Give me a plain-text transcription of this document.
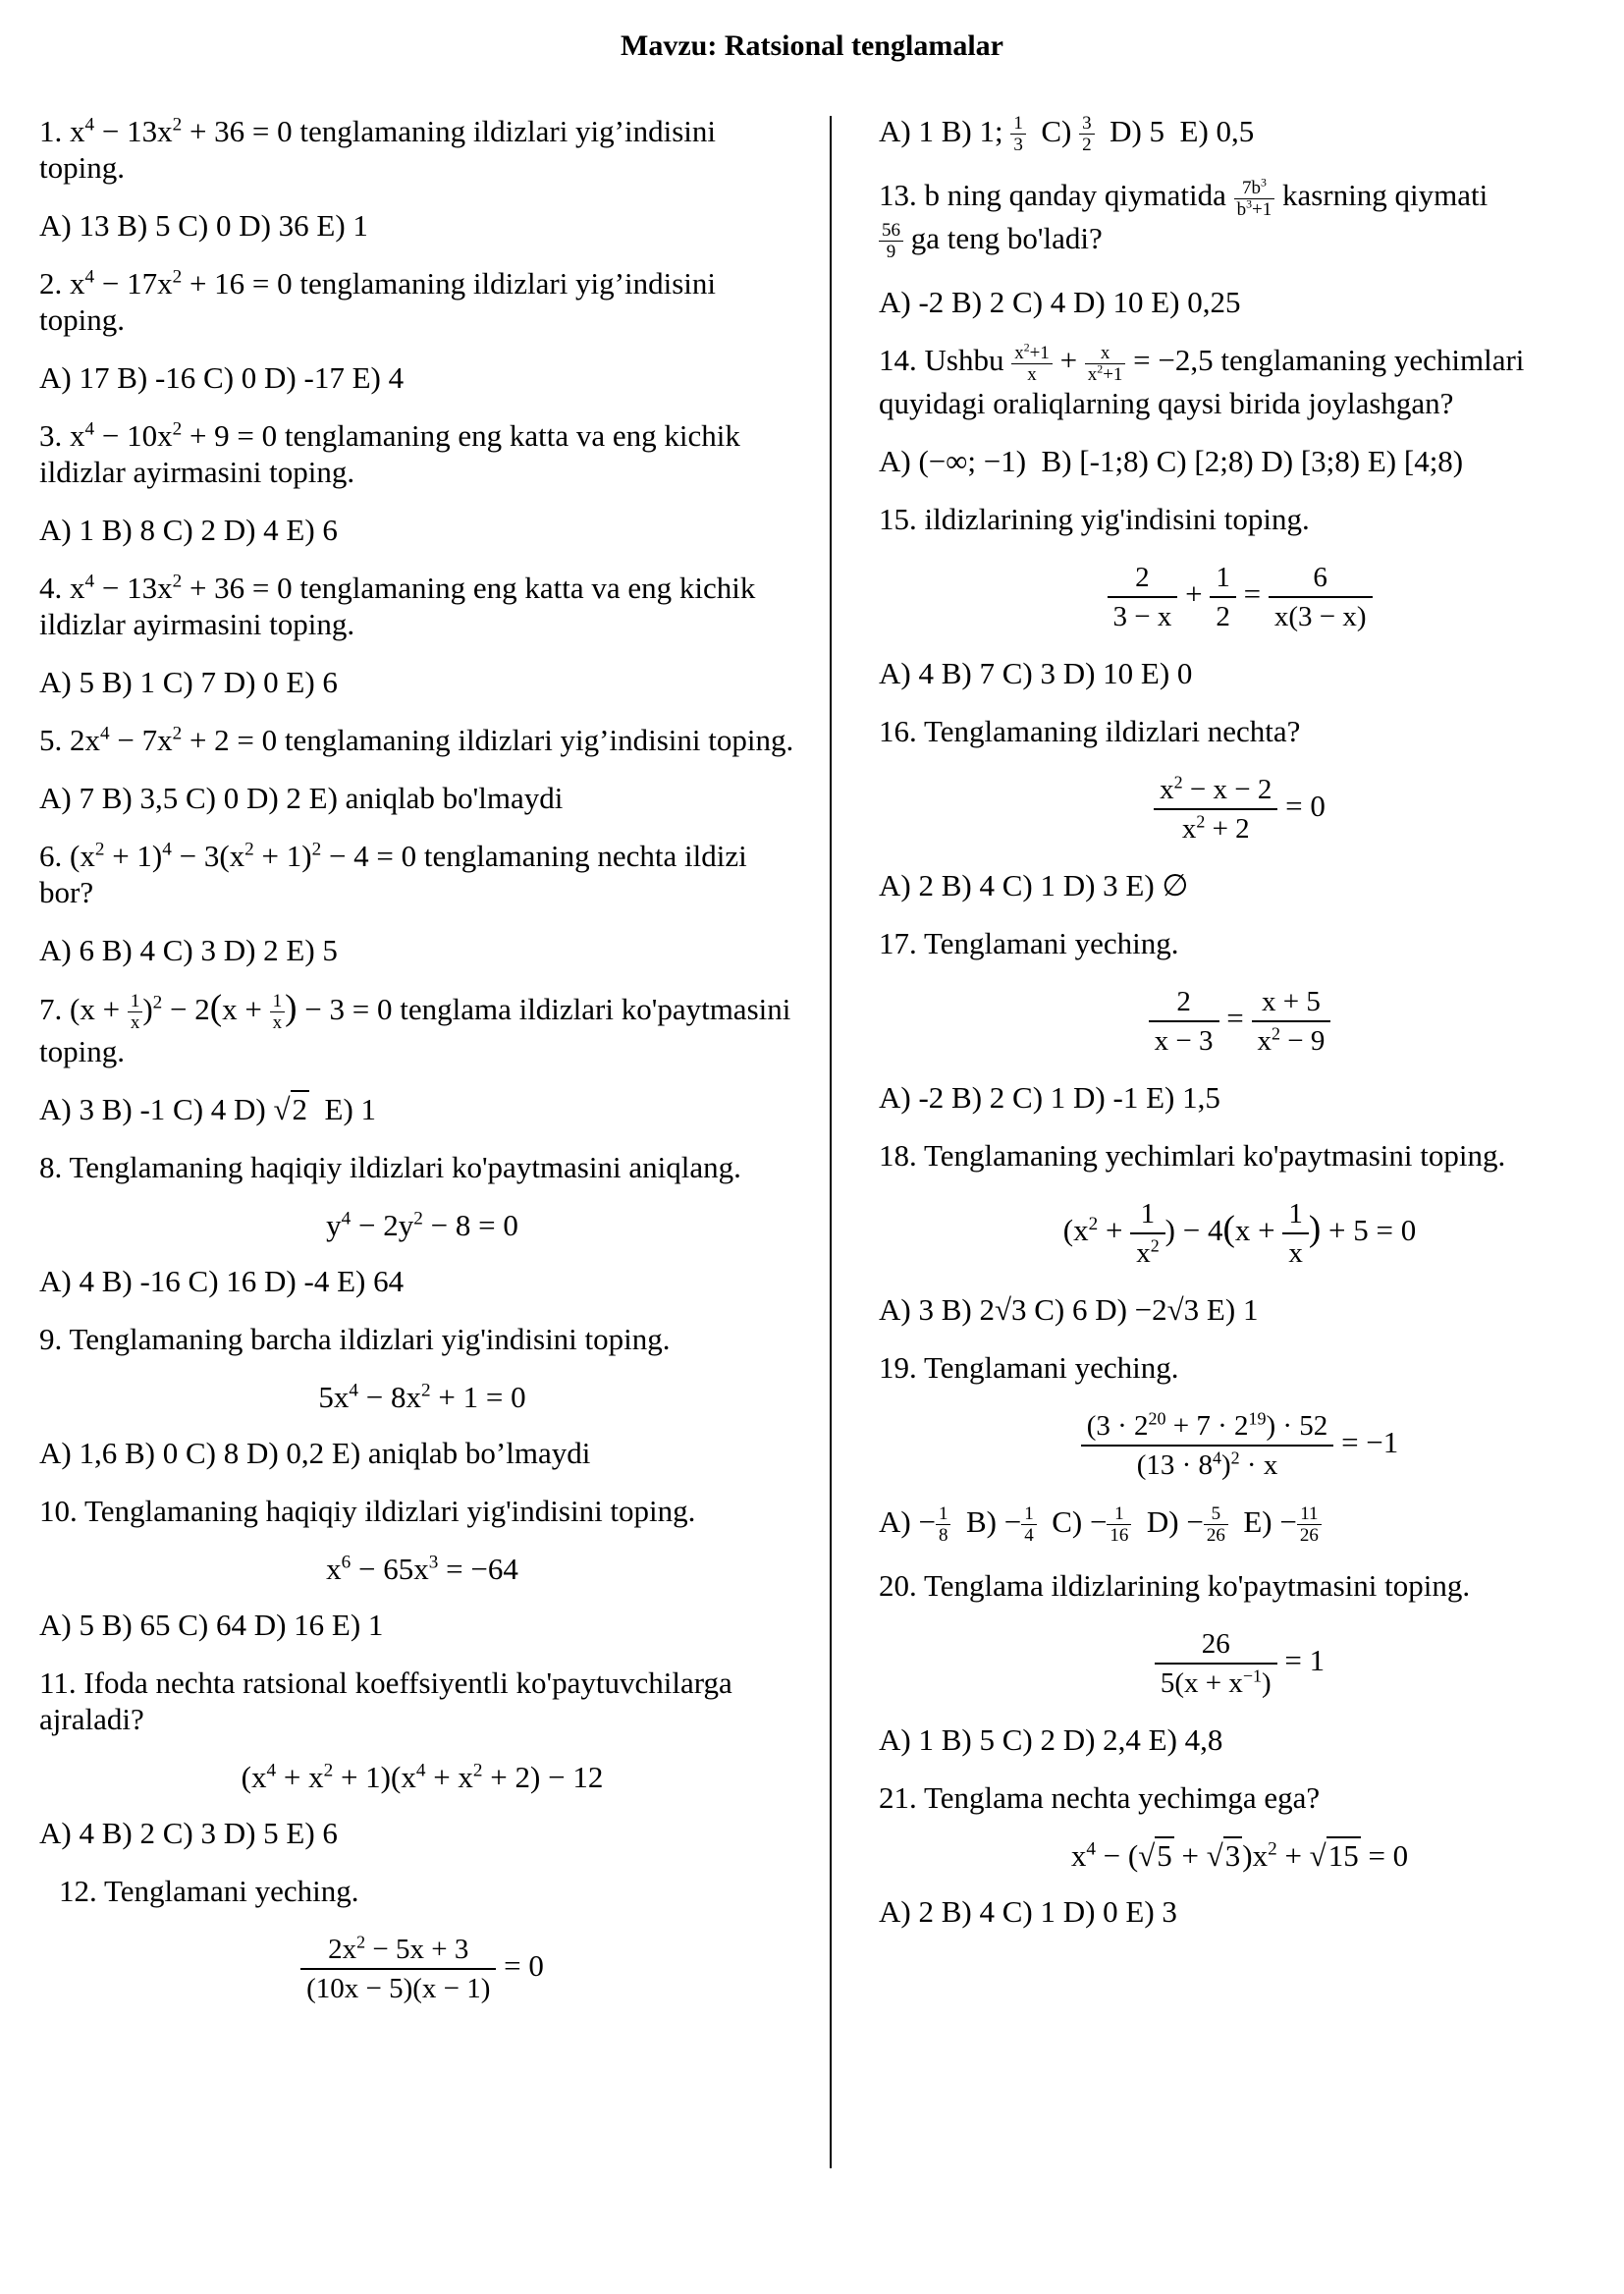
Mavzu: Ratsional tenglamalar
1. $x^4 - 13x^2 + 36 = 0$ tenglamaning ildizlari yig’indisini toping.
A) 13 B) 5 C) 0 D) 36 E) 1
2. $x^4 - 17x^2 + 16 = 0$ tenglamaning ildizlari yig’indisini toping.
A) 17 B) -16 C) 0 D) -17 E) 4
3. $x^4 - 10x^2 + 9 = 0$ tenglamaning eng katta va eng kichik ildizlar ayirmasini toping.
A) 1 B) 8 C) 2 D) 4 E) 6
4. $x^4 - 13x^2 + 36 = 0$ tenglamaning eng katta va eng kichik ildizlar ayirmasini toping.
A) 5 B) 1 C) 7 D) 0 E) 6
5. $2x^4 - 7x^2 + 2 = 0$ tenglamaning ildizlari yig’indisini toping.
A) 7 B) 3,5 C) 0 D) 2 E) aniqlab bo'lmaydi
6. $(x^2 + 1)^4 - 3(x^2 + 1)^2 - 4 = 0$ tenglamaning nechta ildizi bor?
A) 6 B) 4 C) 3 D) 2 E) 5
7. $(x + \frac{1}{x} )^2 - 2(x + \frac{1}{x}$ ) − 3 = 0 tenglama ildizlari ko'paytmasini toping.
A) 3 B) -1 C) 4 D) √2 E) 1
8. Tenglamaning haqiqiy ildizlari ko'paytmasini aniqlang.
$y^4 - 2y^2 - 8 = 0$
A) 4 B) -16 C) 16 D) -4 E) 64
9. Tenglamaning barcha ildizlari yig'indisini toping.
$5x^4 - 8x^2 + 1 = 0$
A) 1,6 B) 0 C) 8 D) 0,2 E) aniqlab bo’lmaydi
10. Tenglamaning haqiqiy ildizlari yig'indisini toping.
$x^6 - 65x^3 = -64$
A) 5 B) 65 C) 64 D) 16 E) 1
11. Ifoda nechta ratsional koeffsiyentli ko'paytuvchilarga ajraladi?
$(x^4 + x^2 + 1)(x^4 + x^2 + 2) - 12$
A) 4 B) 2 C) 3 D) 5 E) 6
12. Tenglamani yeching.
$\frac{2x^2 - 5x + 3}{(10x - 5)(x - 1)} = 0$
A) 1 B) 1; $\frac{1}{3} C) \frac{3}{2} D$) 5  E) 0,5
13. b ning qanday qiymatida $\frac{7b^3}{b^3+1}$ kasrning qiymati

$\frac{56}{9}$ ga teng bo'ladi?
A) -2 B) 2 C) 4 D) 10 E) 0,25
14. Ushbu $\frac{x^2+1}{x} + \frac{x}{x^2+1} = -2,5$ tenglamaning yechimlari quyidagi oraliqlarning qaysi birida joylashgan?
A) (−∞; −1)  B) [-1;8) C) [2;8) D) [3;8) E) [4;8)
15. ildizlarining yig'indisini toping.
$\frac{2}{3 - x} + \frac{1}{2} = \frac{6}{x(3 - x)}$
A) 4 B) 7 C) 3 D) 10 E) 0
16. Tenglamaning ildizlari nechta?
$\frac{x^2 - x - 2}{x^2 + 2} = 0$
A) 2 B) 4 C) 1 D) 3 E) ∅
17. Tenglamani yeching.
$\frac{2}{x - 3} = \frac{x + 5}{x^2 - 9}$
A) -2 B) 2 C) 1 D) -1 E) 1,5
18. Tenglamaning yechimlari ko'paytmasini toping.
($x^2 + \frac{1}{x^2}$ ) − $4(x + \frac{1}{x}$ ) + 5 = 0
A) 3 B) 2√3 C) 6 D) −2√3 E) 1
19. Tenglamani yeching.
$\frac{(3 \cdot 2^{20} + 7 \cdot 2^{19}) \cdot 52}{(13 \cdot 8^4)^2 \cdot x} = -1$
$A) - \frac{1}{8} B) - \frac{1}{4} C) - \frac{1}{16} D) - \frac{5}{26} E) - \frac{11}{26}$
20. Tenglama ildizlarining ko'paytmasini toping.
$\frac{26}{5(x + x^{-1})} = 1$
A) 1 B) 5 C) 2 D) 2,4 E) 4,8
21. Tenglama nechta yechimga ega?
$x^4 - (√5 + √3)x^2 + √15 = 0$
A) 2 B) 4 C) 1 D) 0 E) 3
